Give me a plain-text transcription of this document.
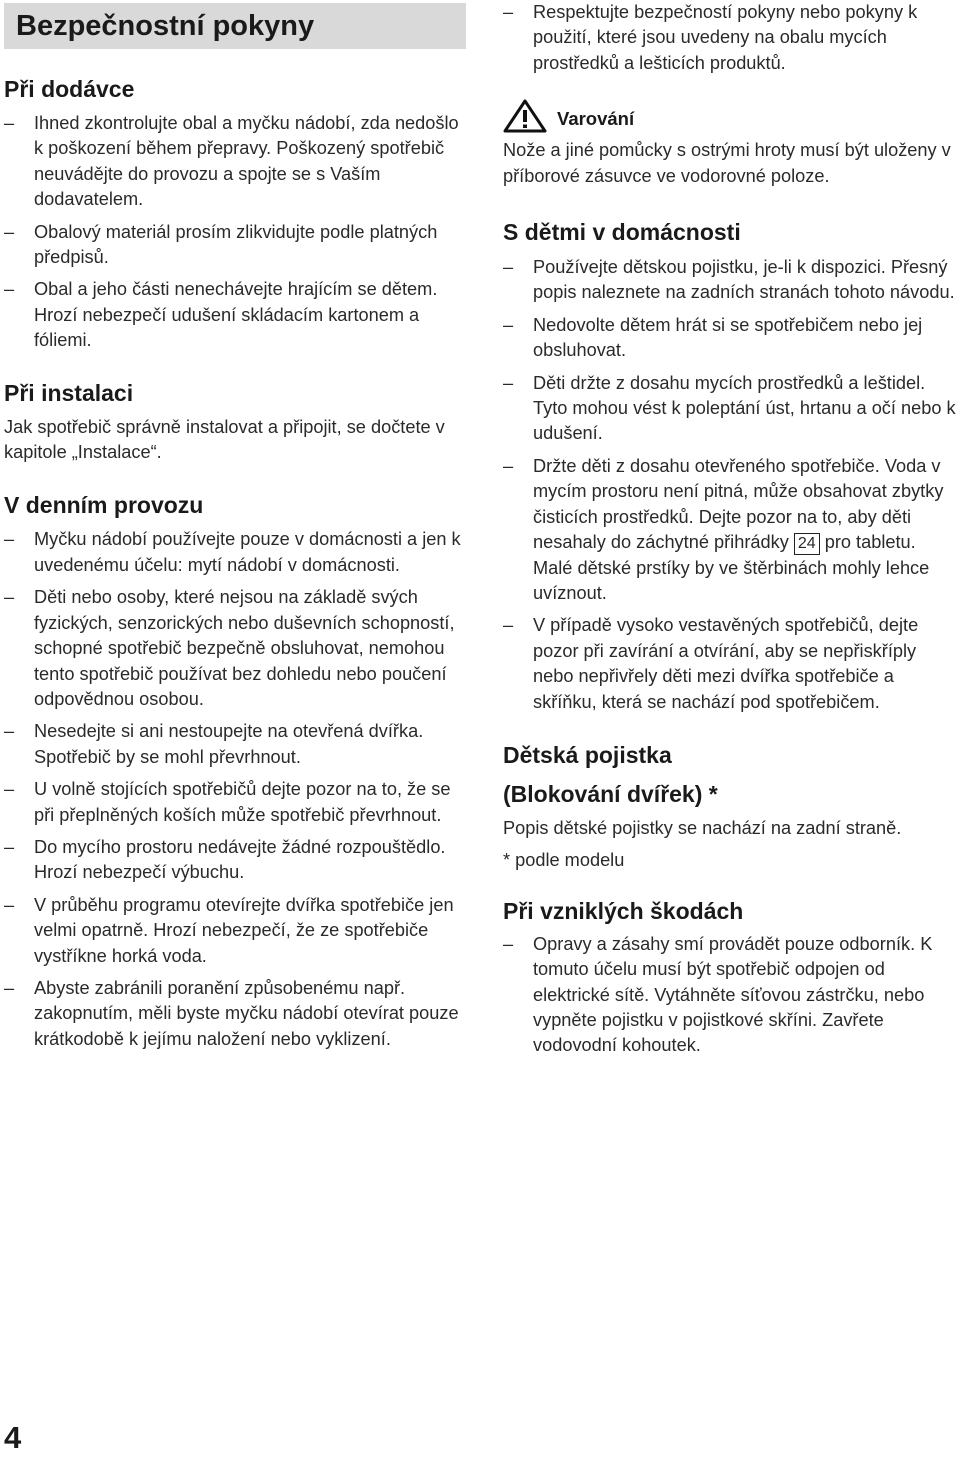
Bezpečnostní pokyny
Při dodávce
– Ihned zkontrolujte obal a myčku nádobí, zda nedošlo k poškození během přepravy. Poškozený spotřebič neuvádějte do provozu a spojte se s Vaším dodavatelem.
– Obalový materiál prosím zlikvidujte podle platných předpisů.
– Obal a jeho části nenechávejte hrajícím se dětem. Hrozí nebezpečí udušení skládacím kartonem a fóliemi.
Při instalaci

Jak spotřebič správně instalovat a připojit, se dočtete v kapitole „Instalace“.

V denním provozu
– Myčku nádobí používejte pouze v domácnosti a jen k uvedenému účelu: mytí nádobí v domácnosti.
– Děti nebo osoby, které nejsou na základě svých fyzických, senzorických nebo duševních schopností, schopné spotřebič bezpečně obsluhovat, nemohou tento spotřebič používat bez dohledu nebo poučení odpovědnou osobou.
– Nesedejte si ani nestoupejte na otevřená dvířka. Spotřebič by se mohl převrhnout.
– U volně stojících spotřebičů dejte pozor na to, že se při přeplněných koších může spotřebič převrhnout.
– Do mycího prostoru nedávejte žádné rozpouštědlo. Hrozí nebezpečí výbuchu.
– V průběhu programu otevírejte dvířka spotřebiče jen velmi opatrně. Hrozí nebezpečí, že ze spotřebiče vystříkne horká voda.
– Abyste zabránili poranění způsobenému např. zakopnutím, měli byste myčku nádobí otevírat pouze krátkodobě k jejímu naložení nebo vyklizení.
– Respektujte bezpečností pokyny nebo pokyny k použití, které jsou uvedeny na obalu mycích prostředků a lešticích produktů.
Varování

Nože a jiné pomůcky s ostrými hroty musí být uloženy v příborové zásuvce ve vodorovné poloze.

S dětmi v domácnosti
– Používejte dětskou pojistku, je-li k dispozici. Přesný popis naleznete na zadních stranách tohoto návodu.
– Nedovolte dětem hrát si se spotřebičem nebo jej obsluhovat.
– Děti držte z dosahu mycích prostředků a leštidel. Tyto mohou vést k poleptání úst, hrtanu a očí nebo k udušení.
– Držte děti z dosahu otevřeného spotřebiče. Voda v mycím prostoru není pitná, může obsahovat zbytky čisticích prostředků. Dejte pozor na to, aby děti nesahaly do záchytné přihrádky 24 pro tabletu. Malé dětské prstíky by ve štěrbinách mohly lehce uvíznout.
– V případě vysoko vestavěných spotřebičů, dejte pozor při zavírání a otvírání, aby se nepřiskříply nebo nepřivřely děti mezi dvířka spotřebiče a skříňku, která se nachází pod spotřebičem.
Dětská pojistka
(Blokování dvířek) *

Popis dětské pojistky se nachází na zadní straně.

* podle modelu

Při vzniklých škodách
– Opravy a zásahy smí provádět pouze odborník. K tomuto účelu musí být spotřebič odpojen od elektrické sítě. Vytáhněte síťovou zástrčku, nebo vypněte pojistku v pojistkové skříni. Zavřete vodovodní kohoutek.
4
